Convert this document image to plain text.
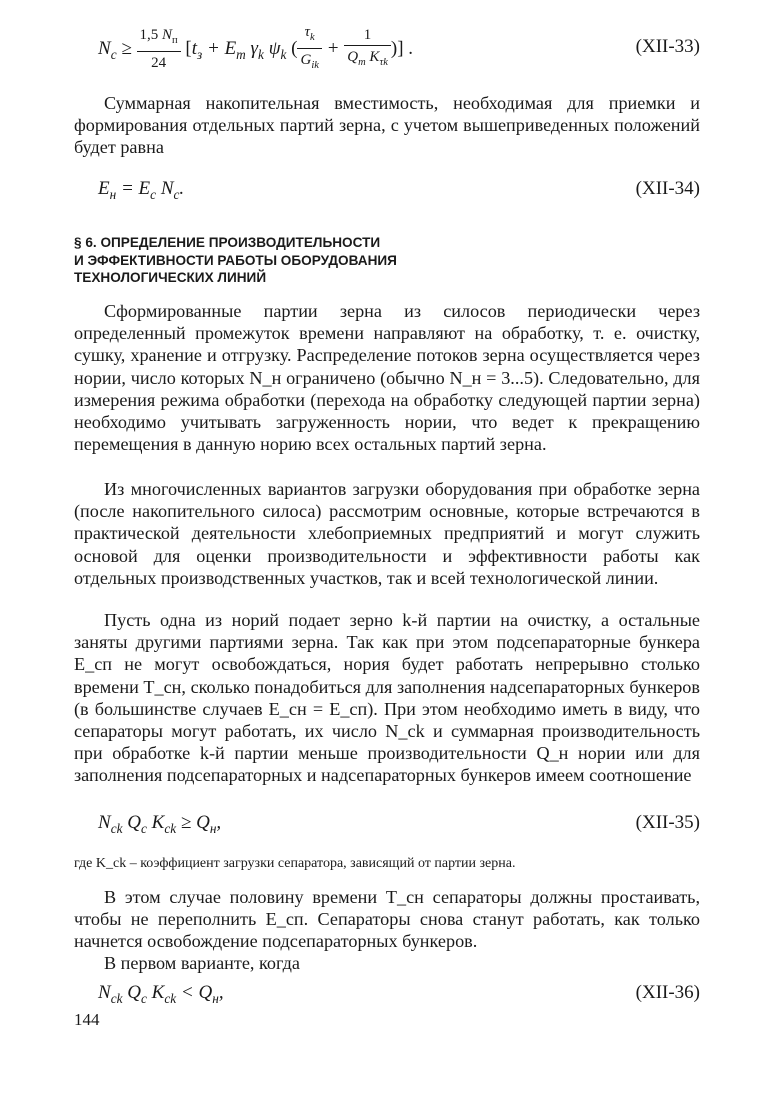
$N_c \ge \frac{1,5 N_п}{24} [t_з + E_m$ $\gamma_k$ $\psi_k$ ( $\frac{\tau_k}{G_{ik}} + \frac{1}{Q_т K_{\tau k}}$ )] .	(XII-33)

Суммарная накопительная вместимость, необходимая для приемки и формирования отдельных партий зерна, с учетом вышеприведенных положений будет равна

$E_н = E_c$ $N_c$.	(XII-34)
§ 6. ОПРЕДЕЛЕНИЕ ПРОИЗВОДИТЕЛЬНОСТИ
И ЭФФЕКТИВНОСТИ РАБОТЫ ОБОРУДОВАНИЯ
ТЕХНОЛОГИЧЕСКИХ ЛИНИЙ

Сформированные партии зерна из силосов периодически через определенный промежуток времени направляют на обработку, т. е. очистку, сушку, хранение и отгрузку. Распределение потоков зерна осуществляется через нории, число которых N_н ограничено (обычно N_н = 3...5). Следовательно, для измерения режима обработки (перехода на обработку следующей партии зерна) необходимо учитывать загруженность нории, что ведет к прекращению перемещения в данную норию всех остальных партий зерна.

Из многочисленных вариантов загрузки оборудования при обработке зерна (после накопительного силоса) рассмотрим основные, которые встречаются в практической деятельности хлебоприемных предприятий и могут служить основой для оценки производительности и эффективности работы как отдельных производственных участков, так и всей технологической линии.

Пусть одна из норий подает зерно k-й партии на очистку, а остальные заняты другими партиями зерна. Так как при этом подсепараторные бункера E_сп не могут освобождаться, нория будет работать непрерывно столько времени T_сн, сколько понадобиться для заполнения надсепараторных бункеров (в большинстве случаев E_сн = E_сп). При этом необходимо иметь в виду, что сепараторы могут работать, их число N_ck и суммарная производительность при обработке k-й партии меньше производительности Q_н нории или для заполнения подсепараторных и надсепараторных бункеров имеем соотношение

$N_{ck}$ $Q_c$ $K_{ck} \ge Q_н$,	(XII-35)

где K_ck – коэффициент загрузки сепаратора, зависящий от партии зерна.

В этом случае половину времени T_сн сепараторы должны простаивать, чтобы не переполнить E_сп. Сепараторы снова станут работать, как только начнется освобождение подсепараторных бункеров.

В первом варианте, когда

$N_{ck}$ $Q_c$ $K_{ck} < Q_н$,	(XII-36)
144
